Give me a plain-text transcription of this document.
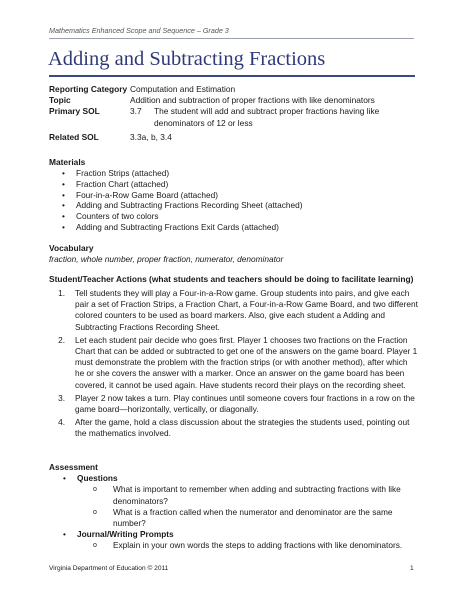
Mathematics Enhanced Scope and Sequence – Grade 3
Adding and Subtracting Fractions
Reporting Category Computation and Estimation
Topic	Addition and subtraction of proper fractions with like denominators
Primary SOL	3.7	The student will add and subtract proper fractions having like denominators of 12 or less
Related SOL	3.3a, b, 3.4
Materials
• Fraction Strips (attached)
• Fraction Chart (attached)
• Four-in-a-Row Game Board (attached)
• Adding and Subtracting Fractions Recording Sheet (attached)
• Counters of two colors
• Adding and Subtracting Fractions Exit Cards (attached)
Vocabulary
fraction, whole number, proper fraction, numerator, denominator
Student/Teacher Actions (what students and teachers should be doing to facilitate learning)
1.	Tell students they will play a Four-in-a-Row game. Group students into pairs, and give each pair a set of Fraction Strips, a Fraction Chart, a Four-in-a-Row Game Board, and two different colored counters to be used as board markers. Also, give each student a Adding and Subtracting Fractions Recording Sheet.
2.	Let each student pair decide who goes first. Player 1 chooses two fractions on the Fraction Chart that can be added or subtracted to get one of the answers on the game board. Player 1 must demonstrate the problem with the fraction strips (or with another method), after which he or she covers the answer with a marker. Once an answer on the game board has been covered, it cannot be used again. Have students record their plays on the recording sheet.
3.	Player 2 now takes a turn. Play continues until someone covers four fractions in a row on the game board—horizontally, vertically, or diagonally.
4.	After the game, hold a class discussion about the strategies the students used, pointing out the mathematics involved.
Assessment
•	Questions
o	What is important to remember when adding and subtracting fractions with like denominators?
o	What is a fraction called when the numerator and denominator are the same number?
•	Journal/Writing Prompts
o	Explain in your own words the steps to adding fractions with like denominators.
Virginia Department of Education © 2011	1
